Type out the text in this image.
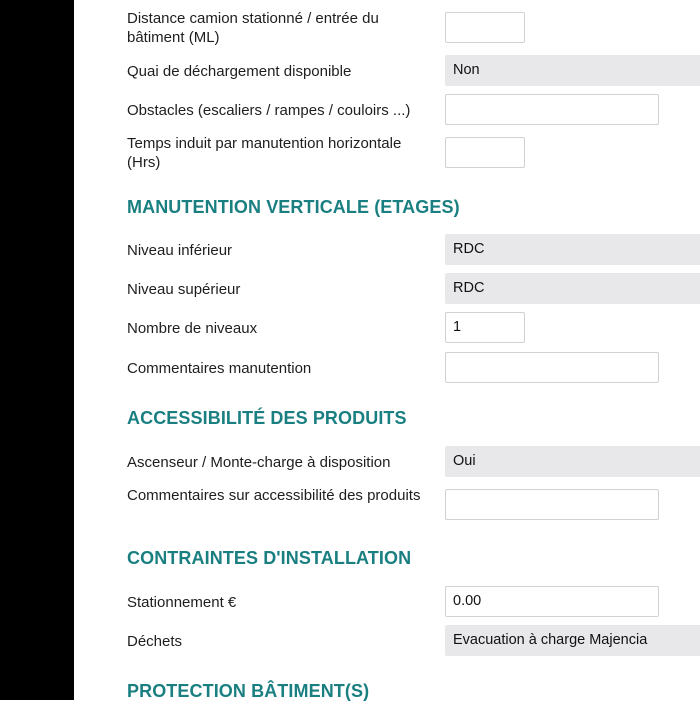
Distance camion stationné / entrée du bâtiment (ML)
Quai de déchargement disponible	Non
Obstacles (escaliers / rampes / couloirs ...)
Temps induit par manutention horizontale (Hrs)
MANUTENTION VERTICALE (ETAGES)
Niveau inférieur	RDC
Niveau supérieur	RDC
Nombre de niveaux	1
Commentaires manutention
ACCESSIBILITÉ DES PRODUITS
Ascenseur / Monte-charge à disposition	Oui
Commentaires sur accessibilité des produits
CONTRAINTES D'INSTALLATION
Stationnement €	0.00
Déchets	Evacuation à charge Majencia
PROTECTION BÂTIMENT(S)
